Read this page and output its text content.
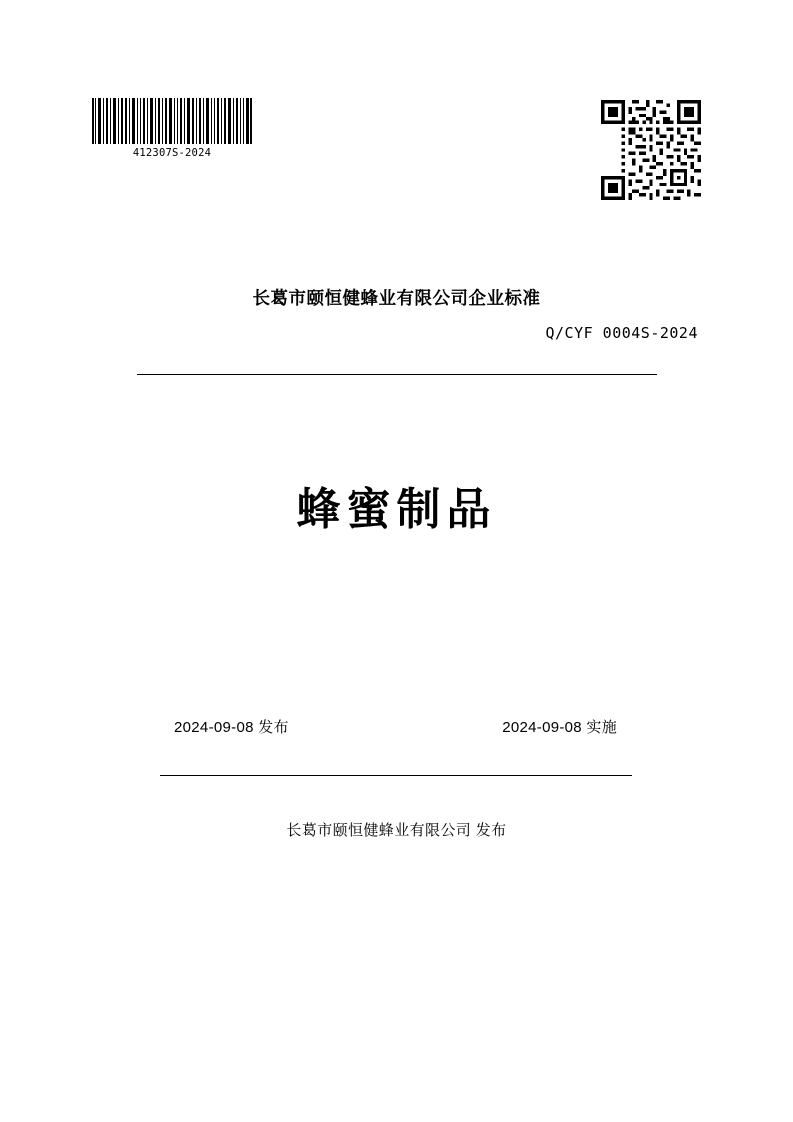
412307S-2024
长葛市颐恒健蜂业有限公司企业标准
Q/CYF 0004S-2024
蜂蜜制品
2024-09-08 发布	2024-09-08 实施
长葛市颐恒健蜂业有限公司 发布
